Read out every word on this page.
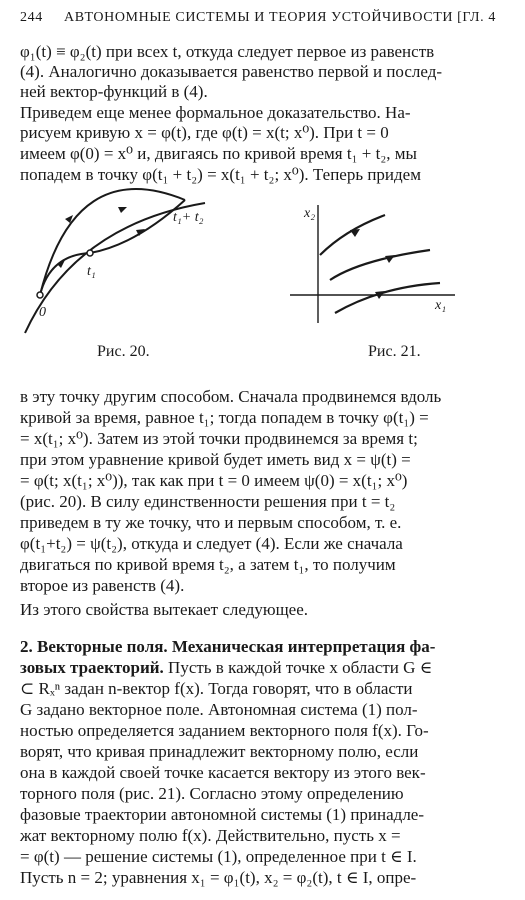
244 АВТОНОМНЫЕ СИСТЕМЫ И ТЕОРИЯ УСТОЙЧИВОСТИ [ГЛ. 4
φ₁(t) ≡ φ₂(t) при всех t, откуда следует первое из равенств
(4). Аналогично доказывается равенство первой и послед-
ней вектор-функций в (4).
Приведем еще менее формальное доказательство. На-
рисуем кривую x = φ(t), где φ(t) = x(t; x⁰). При t = 0
имеем φ(0) = x⁰ и, двигаясь по кривой время t₁ + t₂, мы
попадем в точку φ(t₁ + t₂) = x(t₁ + t₂; x⁰). Теперь придем
0
t₁
t₁+ t₂
Рис. 20.
x₂
x₁
Рис. 21.
в эту точку другим способом. Сначала продвинемся вдоль
кривой за время, равное t₁; тогда попадем в точку φ(t₁) =
= x(t₁; x⁰). Затем из этой точки продвинемся за время t;
при этом уравнение кривой будет иметь вид x = ψ(t) =
= φ(t; x(t₁; x⁰)), так как при t = 0 имеем ψ(0) = x(t₁; x⁰)
(рис. 20). В силу единственности решения при t = t₂
приведем в ту же точку, что и первым способом, т. е.
φ(t₁+t₂) = ψ(t₂), откуда и следует (4). Если же сначала
двигаться по кривой время t₂, а затем t₁, то получим
второе из равенств (4).
Из этого свойства вытекает следующее.
2. Векторные поля. Механическая интерпретация фа-
зовых траекторий. Пусть в каждой точке x области G ∈
⊂ Rₓⁿ задан n-вектор f(x). Тогда говорят, что в области
G задано векторное поле. Автономная система (1) пол-
ностью определяется заданием векторного поля f(x). Го-
ворят, что кривая принадлежит векторному полю, если
она в каждой своей точке касается вектору из этого век-
торного поля (рис. 21). Согласно этому определению
фазовые траектории автономной системы (1) принадле-
жат векторному полю f(x). Действительно, пусть x =
= φ(t) — решение системы (1), определенное при t ∈ I.
Пусть n = 2; уравнения x₁ = φ₁(t), x₂ = φ₂(t), t ∈ I, опре-
